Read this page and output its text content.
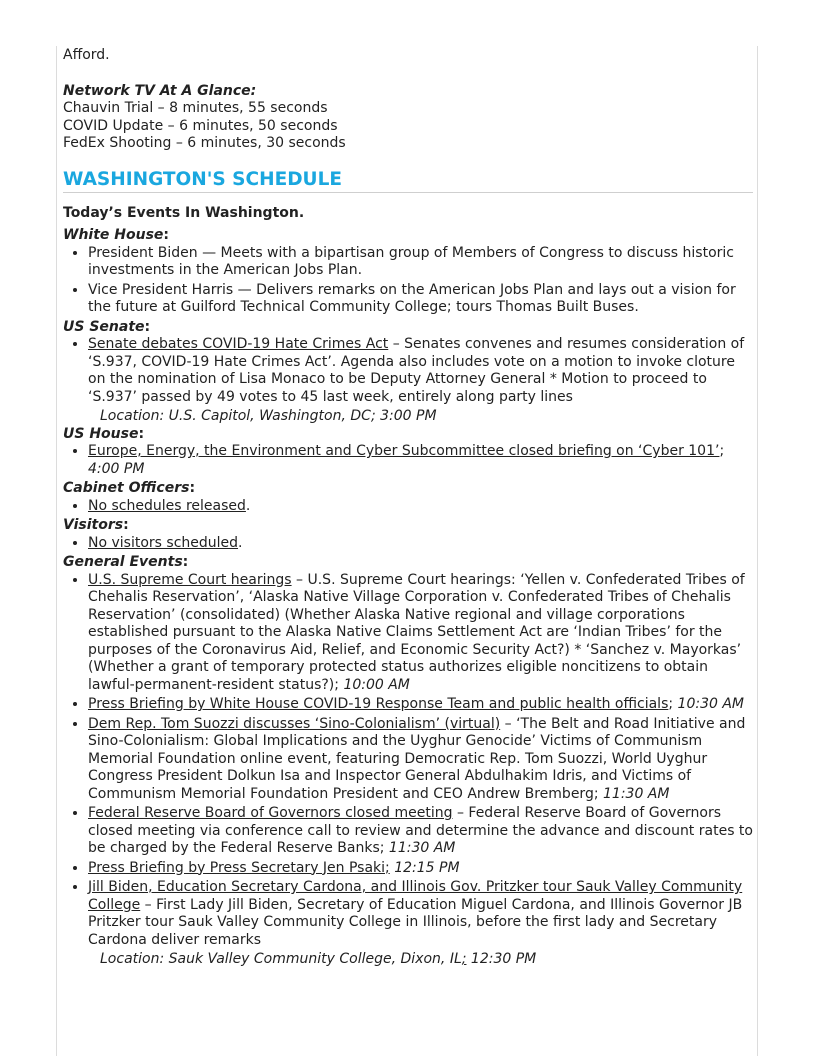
Afford.
Network TV At A Glance:
Chauvin Trial – 8 minutes, 55 seconds
COVID Update – 6 minutes, 50 seconds
FedEx Shooting – 6 minutes, 30 seconds
WASHINGTON'S SCHEDULE
Today’s Events In Washington.
White House:
• President Biden — Meets with a bipartisan group of Members of Congress to discuss historic investments in the American Jobs Plan.
• Vice President Harris — Delivers remarks on the American Jobs Plan and lays out a vision for the future at Guilford Technical Community College; tours Thomas Built Buses.
US Senate:
• Senate debates COVID-19 Hate Crimes Act – Senates convenes and resumes consideration of ‘S.937, COVID-19 Hate Crimes Act’. Agenda also includes vote on a motion to invoke cloture on the nomination of Lisa Monaco to be Deputy Attorney General * Motion to proceed to ‘S.937’ passed by 49 votes to 45 last week, entirely along party lines
Location: U.S. Capitol, Washington, DC; 3:00 PM
US House:
• Europe, Energy, the Environment and Cyber Subcommittee closed briefing on ‘Cyber 101’; 4:00 PM
Cabinet Officers:
• No schedules released.
Visitors:
• No visitors scheduled.
General Events:
• U.S. Supreme Court hearings – U.S. Supreme Court hearings: ‘Yellen v. Confederated Tribes of Chehalis Reservation’, ‘Alaska Native Village Corporation v. Confederated Tribes of Chehalis Reservation’ (consolidated) (Whether Alaska Native regional and village corporations established pursuant to the Alaska Native Claims Settlement Act are ‘Indian Tribes’ for the purposes of the Coronavirus Aid, Relief, and Economic Security Act?) * ‘Sanchez v. Mayorkas’ (Whether a grant of temporary protected status authorizes eligible noncitizens to obtain lawful-permanent-resident status?); 10:00 AM
• Press Briefing by White House COVID-19 Response Team and public health officials; 10:30 AM
• Dem Rep. Tom Suozzi discusses ‘Sino-Colonialism’ (virtual) – ‘The Belt and Road Initiative and Sino-Colonialism: Global Implications and the Uyghur Genocide’ Victims of Communism Memorial Foundation online event, featuring Democratic Rep. Tom Suozzi, World Uyghur Congress President Dolkun Isa and Inspector General Abdulhakim Idris, and Victims of Communism Memorial Foundation President and CEO Andrew Bremberg; 11:30 AM
• Federal Reserve Board of Governors closed meeting – Federal Reserve Board of Governors closed meeting via conference call to review and determine the advance and discount rates to be charged by the Federal Reserve Banks; 11:30 AM
• Press Briefing by Press Secretary Jen Psaki; 12:15 PM
• Jill Biden, Education Secretary Cardona, and Illinois Gov. Pritzker tour Sauk Valley Community College – First Lady Jill Biden, Secretary of Education Miguel Cardona, and Illinois Governor JB Pritzker tour Sauk Valley Community College in Illinois, before the first lady and Secretary Cardona deliver remarks
Location: Sauk Valley Community College, Dixon, IL; 12:30 PM
